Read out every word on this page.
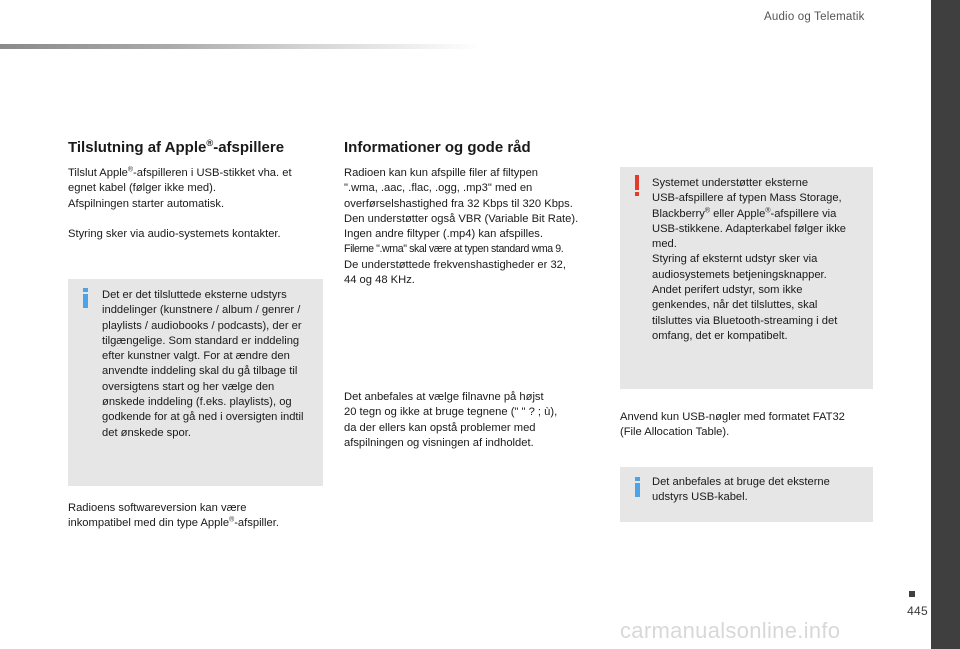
Audio og Telematik
445
Tilslutning af Apple®-afspillere

Tilslut Apple®-afspilleren i USB-stikket vha. et
egnet kabel (følger ikke med).
Afspilningen starter automatisk.

Styring sker via audio-systemets kontakter.

Det er det tilsluttede eksterne udstyrs inddelinger (kunstnere / album / genrer / playlists / audiobooks / podcasts), der er tilgængelige. Som standard er inddeling efter kunstner valgt. For at ændre den anvendte inddeling skal du gå tilbage til oversigtens start og her vælge den ønskede inddeling (f.eks. playlists), og godkende for at gå ned i oversigten indtil det ønskede spor.

Radioens softwareversion kan være
inkompatibel med din type Apple®-afspiller.

Informationer og gode råd

Radioen kan kun afspille filer af filtypen
".wma, .aac, .flac, .ogg, .mp3" med en
overførselshastighed fra 32 Kbps til 320 Kbps.
Den understøtter også VBR (Variable Bit Rate).
Ingen andre filtyper (.mp4) kan afspilles.
Filerne ".wma" skal være at typen standard wma 9.
De understøttede frekvenshastigheder er 32,
44 og 48 KHz.

Det anbefales at vælge filnavne på højst
20 tegn og ikke at bruge tegnene (" " ? ; ù),
da der ellers kan opstå problemer med
afspilningen og visningen af indholdet.

Systemet understøtter eksterne
USB-afspillere af typen Mass Storage,
Blackberry® eller Apple®-afspillere via
USB-stikkene. Adapterkabel følger ikke
med.
Styring af eksternt udstyr sker via
audiosystemets betjeningsknapper.
Andet perifert udstyr, som ikke
genkendes, når det tilsluttes, skal
tilsluttes via Bluetooth-streaming i det
omfang, det er kompatibelt.

Anvend kun USB-nøgler med formatet FAT32
(File Allocation Table).

Det anbefales at bruge det eksterne
udstyrs USB-kabel.

carmanualsonline.info
